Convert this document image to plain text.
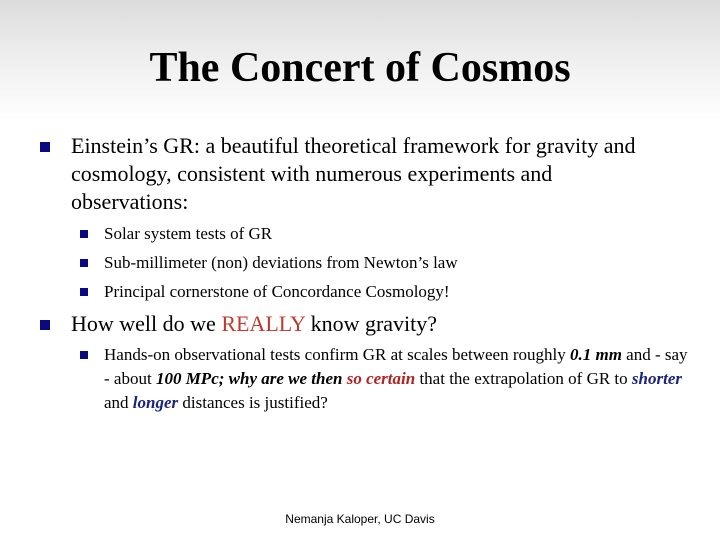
The Concert of Cosmos
Einstein’s GR: a beautiful theoretical framework for gravity and cosmology, consistent with numerous experiments and observations:
Solar system tests of GR
Sub-millimeter (non) deviations from Newton’s law
Principal cornerstone of Concordance Cosmology!
How well do we REALLY know gravity?
Hands-on observational tests confirm GR at scales between roughly 0.1 mm and - say - about 100 MPc; why are we then so certain that the extrapolation of GR to shorter and longer distances is justified?
Nemanja Kaloper, UC Davis
